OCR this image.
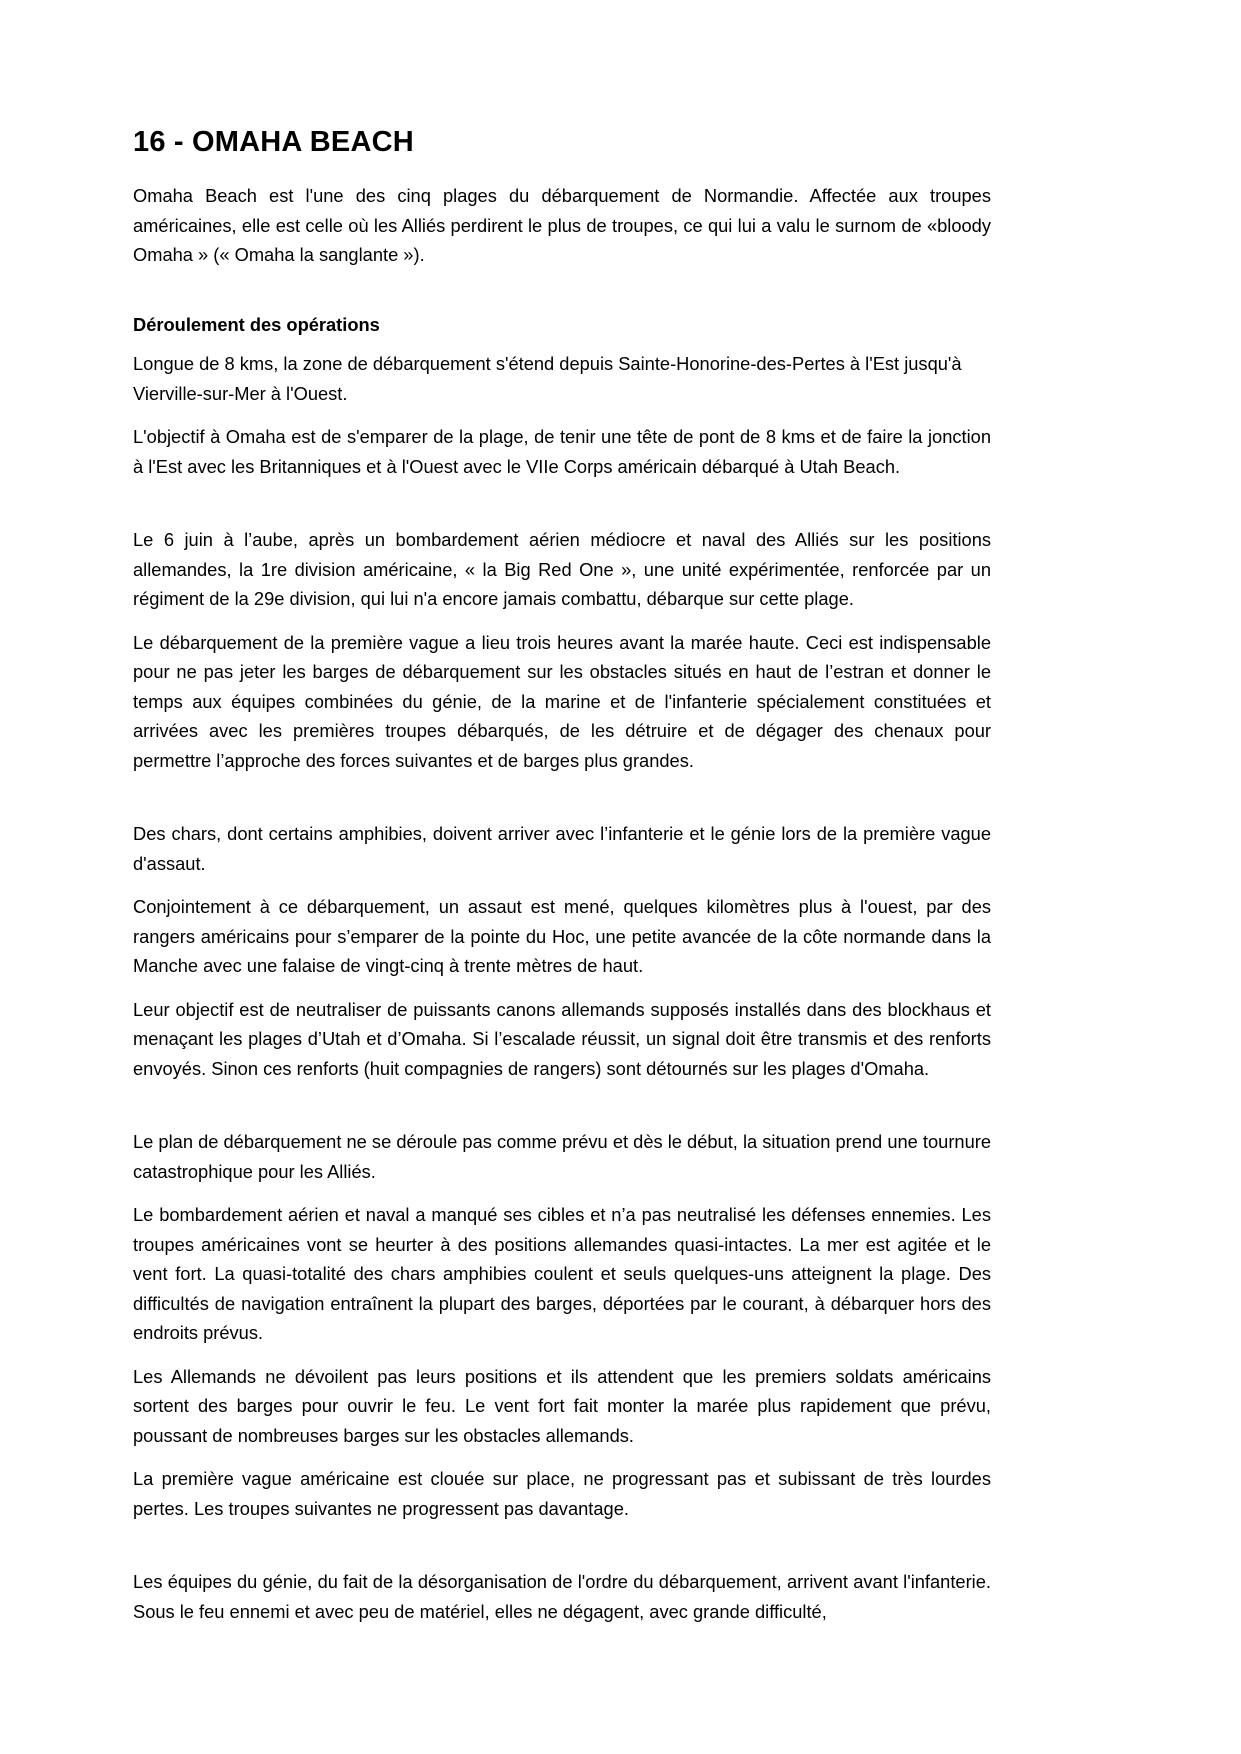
16 - OMAHA BEACH

Omaha Beach est l'une des cinq plages du débarquement de Normandie. Affectée aux troupes américaines, elle est celle où les Alliés perdirent le plus de troupes, ce qui lui a valu le surnom de «bloody Omaha » (« Omaha la sanglante »).

Déroulement des opérations

Longue de 8 kms, la zone de débarquement s'étend depuis Sainte-Honorine-des-Pertes à l'Est jusqu'à Vierville-sur-Mer à l'Ouest.

L'objectif à Omaha est de s'emparer de la plage, de tenir une tête de pont de 8 kms et de faire la jonction à l'Est avec les Britanniques et à l'Ouest avec le VIIe Corps américain débarqué à Utah Beach.

Le 6 juin à l’aube, après un bombardement aérien médiocre et naval des Alliés sur les positions allemandes, la 1re division américaine, « la Big Red One », une unité expérimentée, renforcée par un régiment de la 29e division, qui lui n'a encore jamais combattu, débarque sur cette plage.

Le débarquement de la première vague a lieu trois heures avant la marée haute. Ceci est indispensable pour ne pas jeter les barges de débarquement sur les obstacles situés en haut de l’estran et donner le temps aux équipes combinées du génie, de la marine et de l'infanterie spécialement constituées et arrivées avec les premières troupes débarqués, de les détruire et de dégager des chenaux pour permettre l’approche des forces suivantes et de barges plus grandes.

Des chars, dont certains amphibies, doivent arriver avec l’infanterie et le génie lors de la première vague d'assaut.

Conjointement à ce débarquement, un assaut est mené, quelques kilomètres plus à l'ouest, par des rangers américains pour s’emparer de la pointe du Hoc, une petite avancée de la côte normande dans la Manche avec une falaise de vingt-cinq à trente mètres de haut.

Leur objectif est de neutraliser de puissants canons allemands supposés installés dans des blockhaus et menaçant les plages d’Utah et d’Omaha. Si l’escalade réussit, un signal doit être transmis et des renforts envoyés. Sinon ces renforts (huit compagnies de rangers) sont détournés sur les plages d'Omaha.

Le plan de débarquement ne se déroule pas comme prévu et dès le début, la situation prend une tournure catastrophique pour les Alliés.

Le bombardement aérien et naval a manqué ses cibles et n’a pas neutralisé les défenses ennemies. Les troupes américaines vont se heurter à des positions allemandes quasi-intactes. La mer est agitée et le vent fort. La quasi-totalité des chars amphibies coulent et seuls quelques-uns atteignent la plage. Des difficultés de navigation entraînent la plupart des barges, déportées par le courant, à débarquer hors des endroits prévus.

Les Allemands ne dévoilent pas leurs positions et ils attendent que les premiers soldats américains sortent des barges pour ouvrir le feu. Le vent fort fait monter la marée plus rapidement que prévu, poussant de nombreuses barges sur les obstacles allemands.

La première vague américaine est clouée sur place, ne progressant pas et subissant de très lourdes pertes. Les troupes suivantes ne progressent pas davantage.

Les équipes du génie, du fait de la désorganisation de l'ordre du débarquement, arrivent avant l'infanterie. Sous le feu ennemi et avec peu de matériel, elles ne dégagent, avec grande difficulté,
